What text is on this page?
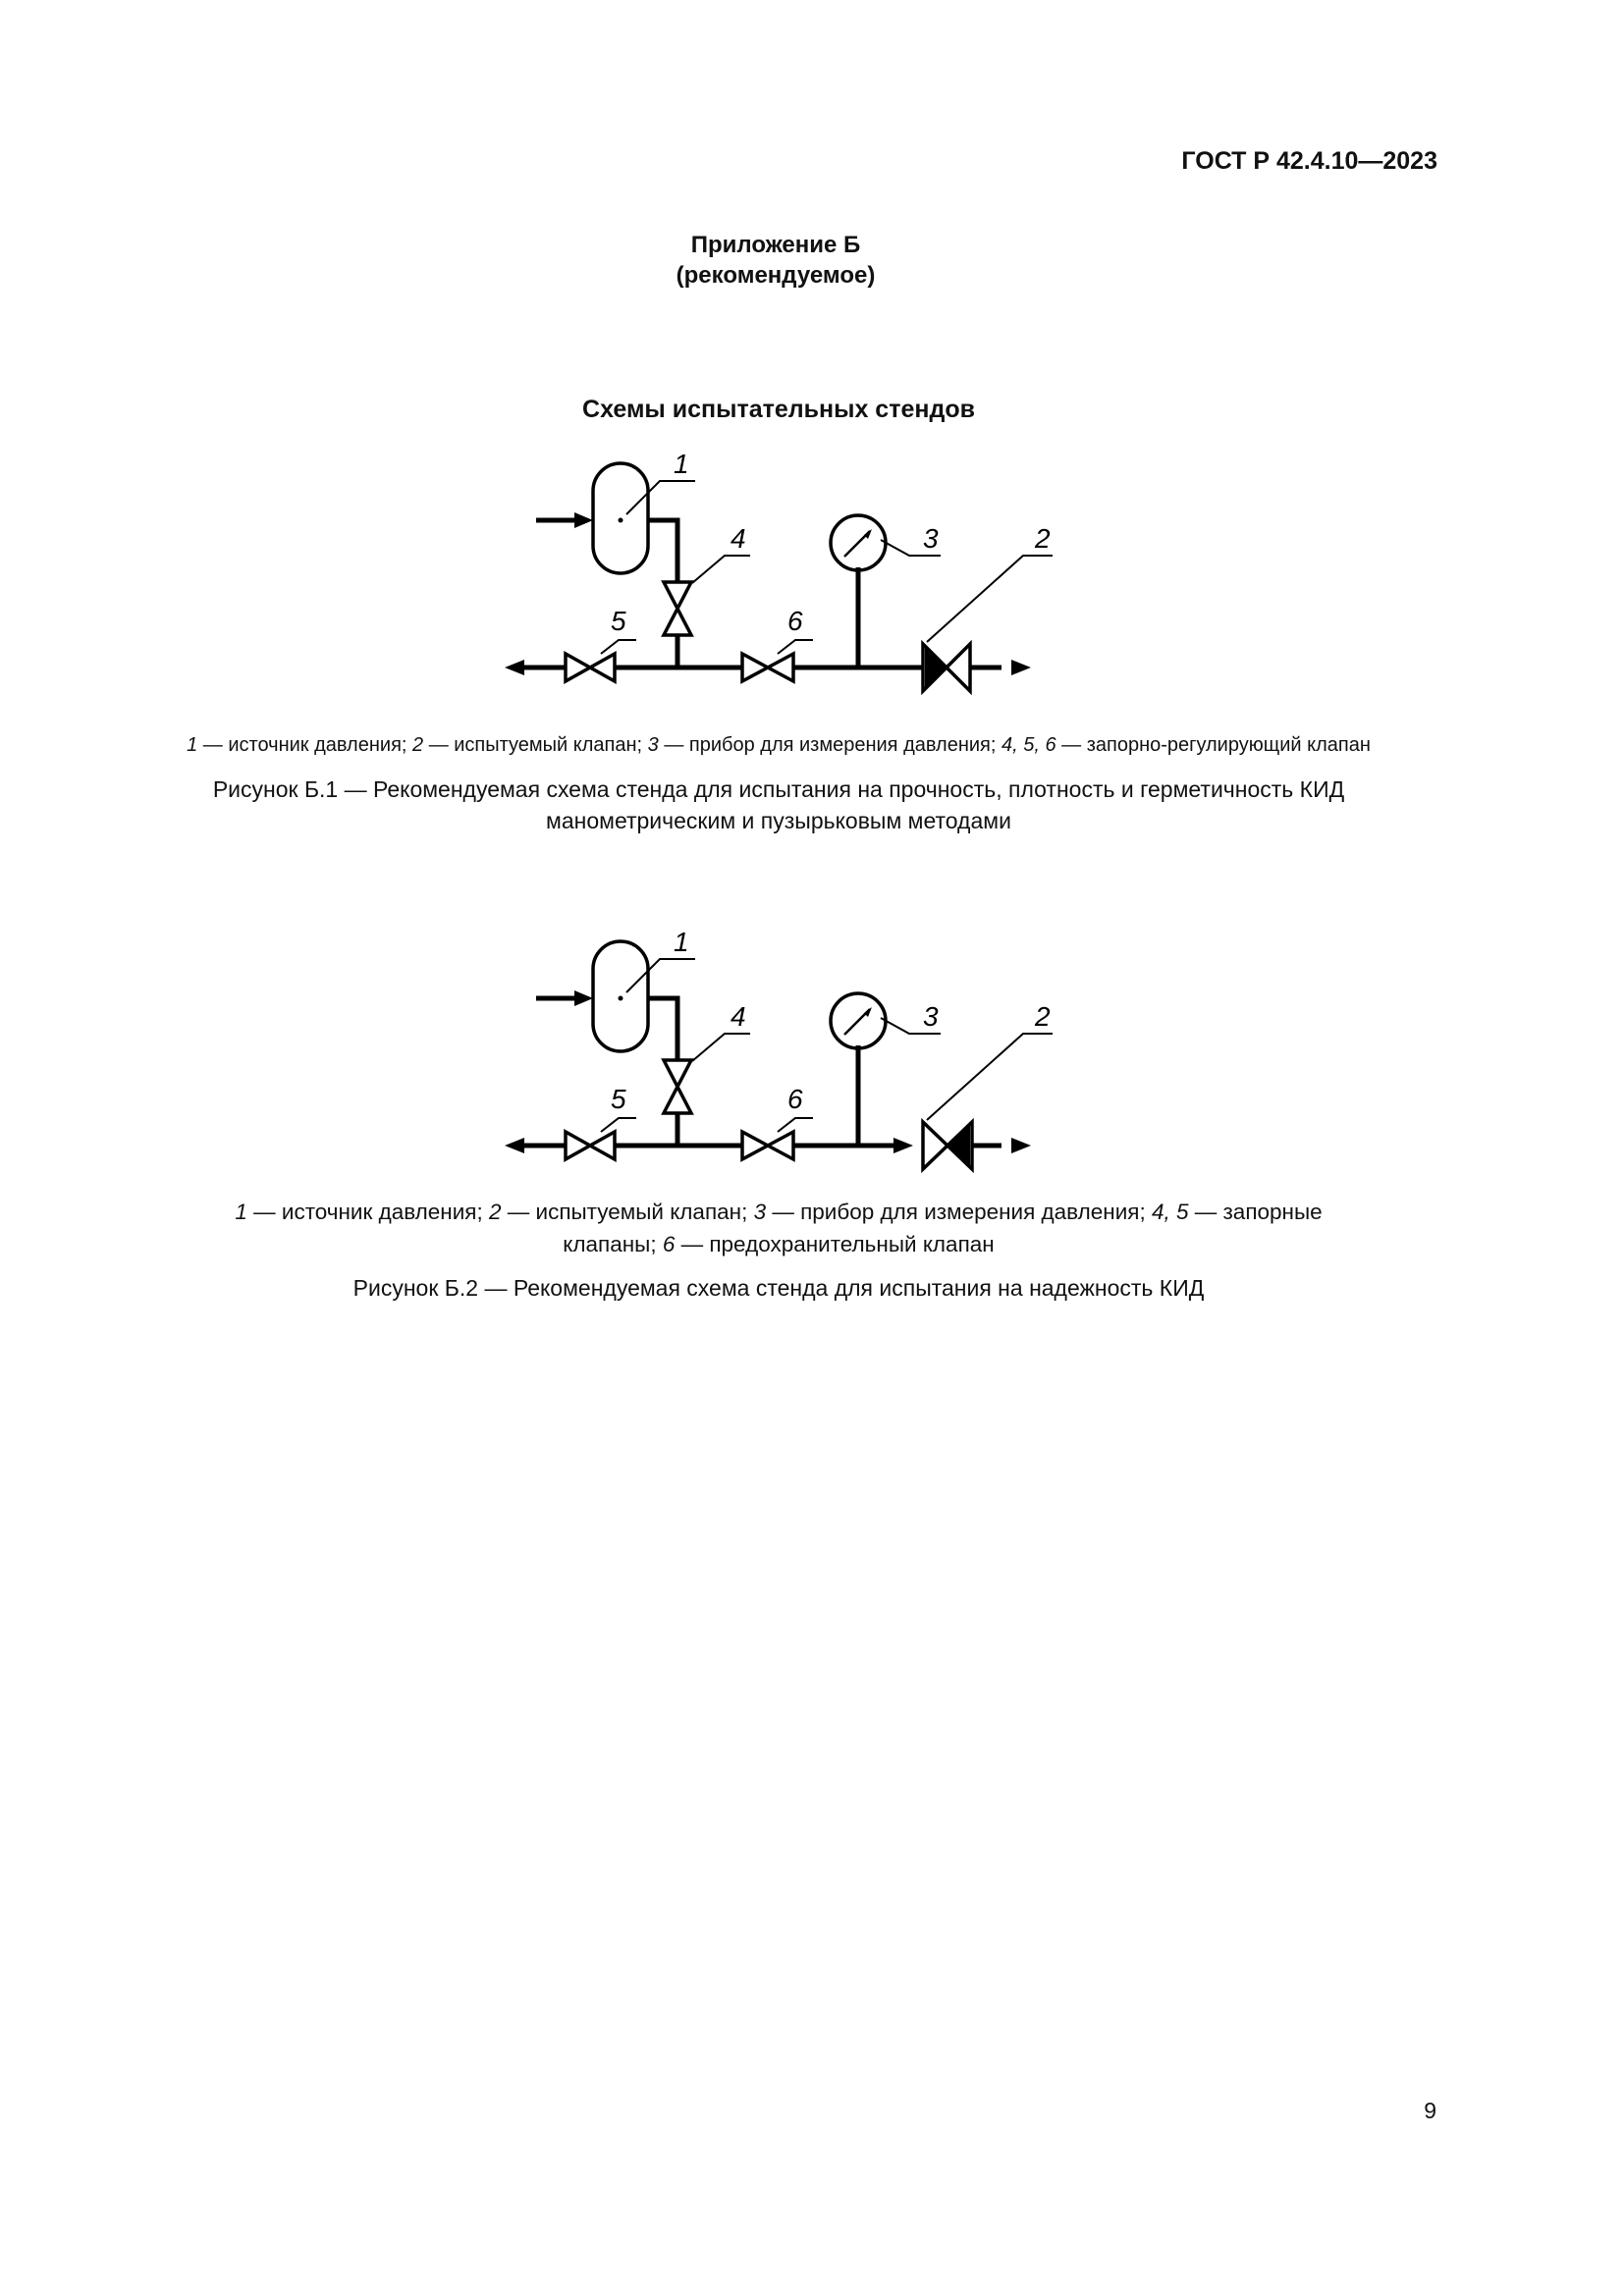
ГОСТ Р 42.4.10—2023
Приложение Б
(рекомендуемое)
Схемы испытательных стендов
1
2
3
4
5	6
1 — источник давления; 2 — испытуемый клапан; 3 — прибор для измерения давления; 4, 5, 6 — запорно-регулирующий клапан
Рисунок Б.1 — Рекомендуемая схема стенда для испытания на прочность, плотность и герметичность КИД
манометрическим и пузырьковым методами
1
2
3
4
5	6
1 — источник давления; 2 — испытуемый клапан; 3 — прибор для измерения давления; 4, 5 — запорные
клапаны; 6 — предохранительный клапан
Рисунок Б.2 — Рекомендуемая схема стенда для испытания на надежность КИД
9
